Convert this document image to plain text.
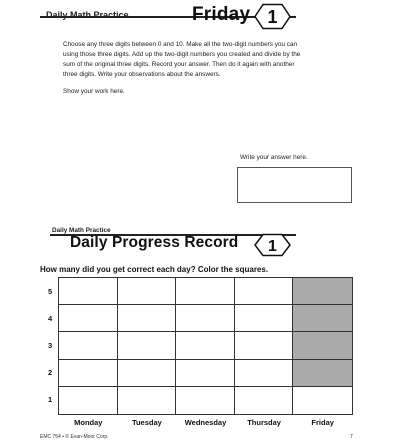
Daily Math Practice	Friday 1
Choose any three digits between 0 and 10. Make all the two-digit numbers you can using those three digits. Add up the two-digit numbers you created and divide by the sum of the original three digits. Record your answer. Then do it again with another three digits. Write your observations about the answers.
Show your work here.
Write your answer here.
Daily Math Practice
Daily Progress Record 1
How many did you get correct each day? Color the squares.
5
4
3
2
1
Monday	Tuesday	Wednesday	Thursday	Friday
EMC 754 • © Evan-Moor Corp.	7
